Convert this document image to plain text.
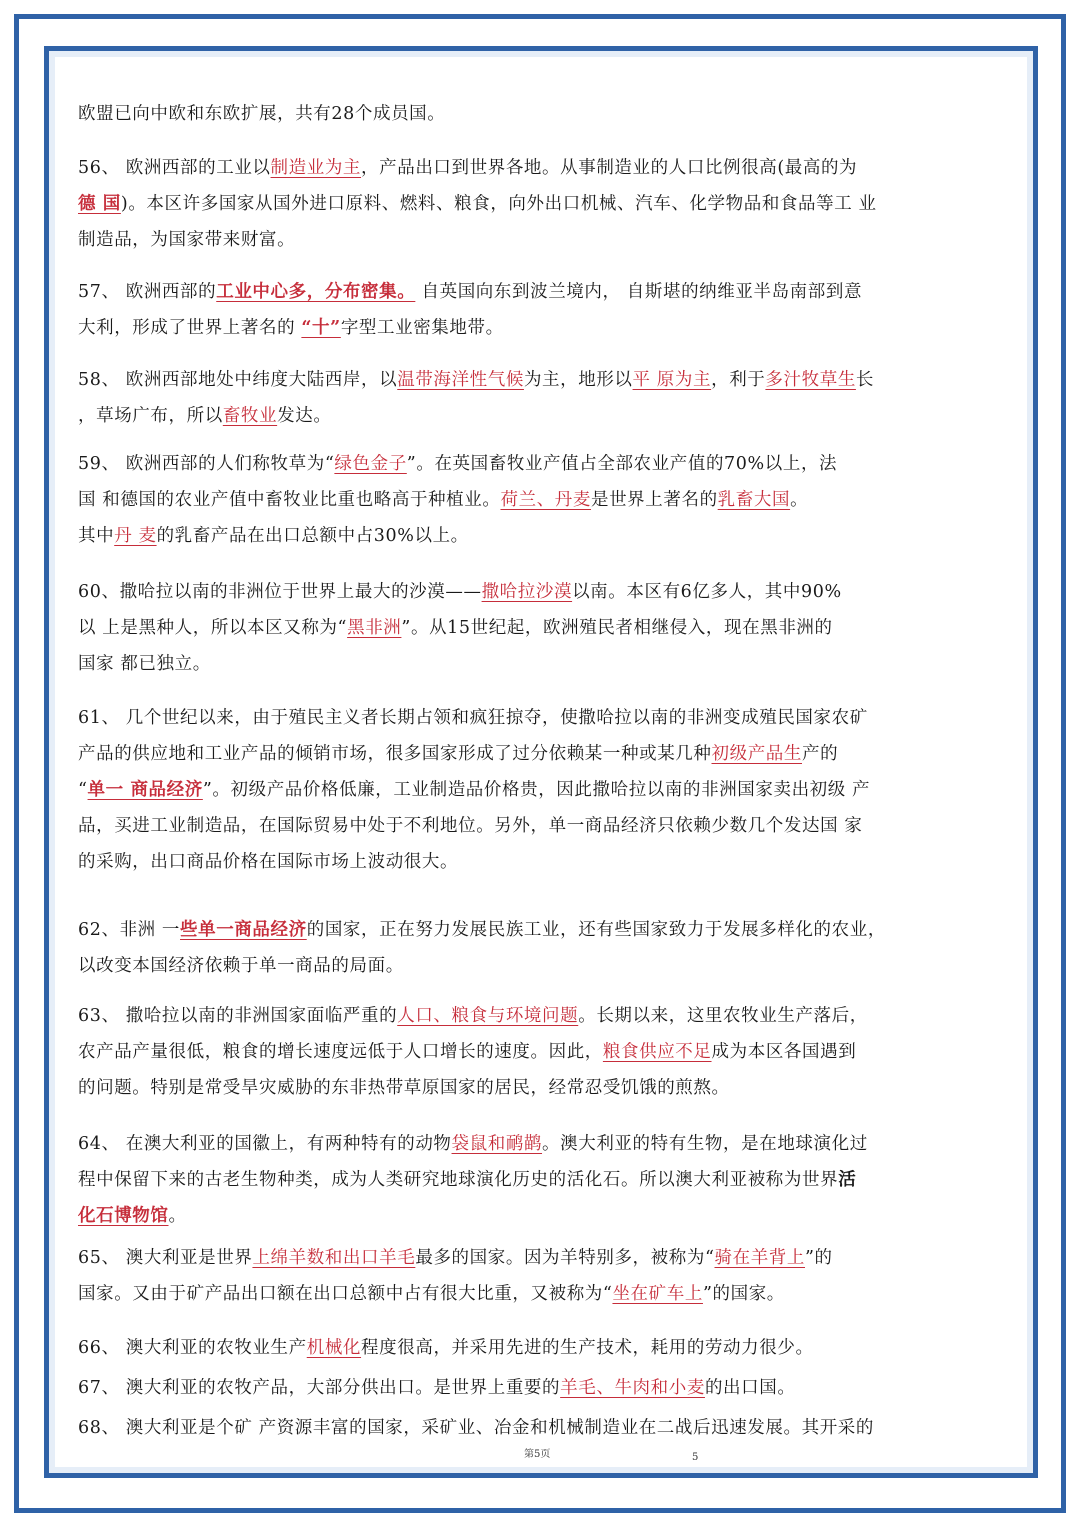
欧盟已向中欧和东欧扩展，共有28个成员国。
56、 欧洲西部的工业以制造业为主，产品出口到世界各地。从事制造业的人口比例很高(最高的为
德 国)。本区许多国家从国外进口原料、燃料、粮食，向外出口机械、汽车、化学物品和食品等工 业
制造品，为国家带来财富。
57、 欧洲西部的工业中心多，分布密集。 自英国向东到波兰境内， 自斯堪的纳维亚半岛南部到意
大利，形成了世界上著名的 “十”字型工业密集地带。
58、 欧洲西部地处中纬度大陆西岸，以温带海洋性气候为主，地形以平 原为主，利于多汁牧草生长
，草场广布，所以畜牧业发达。
59、 欧洲西部的人们称牧草为“绿色金子”。在英国畜牧业产值占全部农业产值的70%以上，法
国 和德国的农业产值中畜牧业比重也略高于种植业。荷兰、丹麦是世界上著名的乳畜大国。
其中丹 麦的乳畜产品在出口总额中占30%以上。
60、撒哈拉以南的非洲位于世界上最大的沙漠——撒哈拉沙漠以南。本区有6亿多人，其中90%
以 上是黑种人，所以本区又称为“黑非洲”。从15世纪起，欧洲殖民者相继侵入，现在黑非洲的
国家 都已独立。
61、 几个世纪以来，由于殖民主义者长期占领和疯狂掠夺，使撒哈拉以南的非洲变成殖民国家农矿
产品的供应地和工业产品的倾销市场，很多国家形成了过分依赖某一种或某几种初级产品生产的
“单一 商品经济”。初级产品价格低廉，工业制造品价格贵，因此撒哈拉以南的非洲国家卖出初级 产
品，买进工业制造品，在国际贸易中处于不利地位。另外，单一商品经济只依赖少数几个发达国 家
的采购，出口商品价格在国际市场上波动很大。
62、非洲 一些单一商品经济的国家，正在努力发展民族工业，还有些国家致力于发展多样化的农业，
以改变本国经济依赖于单一商品的局面。
63、 撒哈拉以南的非洲国家面临严重的人口、粮食与环境问题。长期以来，这里农牧业生产落后，
农产品产量很低，粮食的增长速度远低于人口增长的速度。因此，粮食供应不足成为本区各国遇到
的问题。特别是常受旱灾威胁的东非热带草原国家的居民，经常忍受饥饿的煎熬。
64、 在澳大利亚的国徽上，有两种特有的动物袋鼠和鸸鹋。澳大利亚的特有生物，是在地球演化过
程中保留下来的古老生物种类，成为人类研究地球演化历史的活化石。所以澳大利亚被称为世界活
化石博物馆。
65、 澳大利亚是世界上绵羊数和出口羊毛最多的国家。因为羊特别多，被称为“骑在羊背上”的
国家。又由于矿产品出口额在出口总额中占有很大比重，又被称为“坐在矿车上”的国家。
66、 澳大利亚的农牧业生产机械化程度很高，并采用先进的生产技术，耗用的劳动力很少。
67、 澳大利亚的农牧产品，大部分供出口。是世界上重要的羊毛、牛肉和小麦的出口国。
68、 澳大利亚是个矿 产资源丰富的国家，采矿业、冶金和机械制造业在二战后迅速发展。其开采的
第5页	5
